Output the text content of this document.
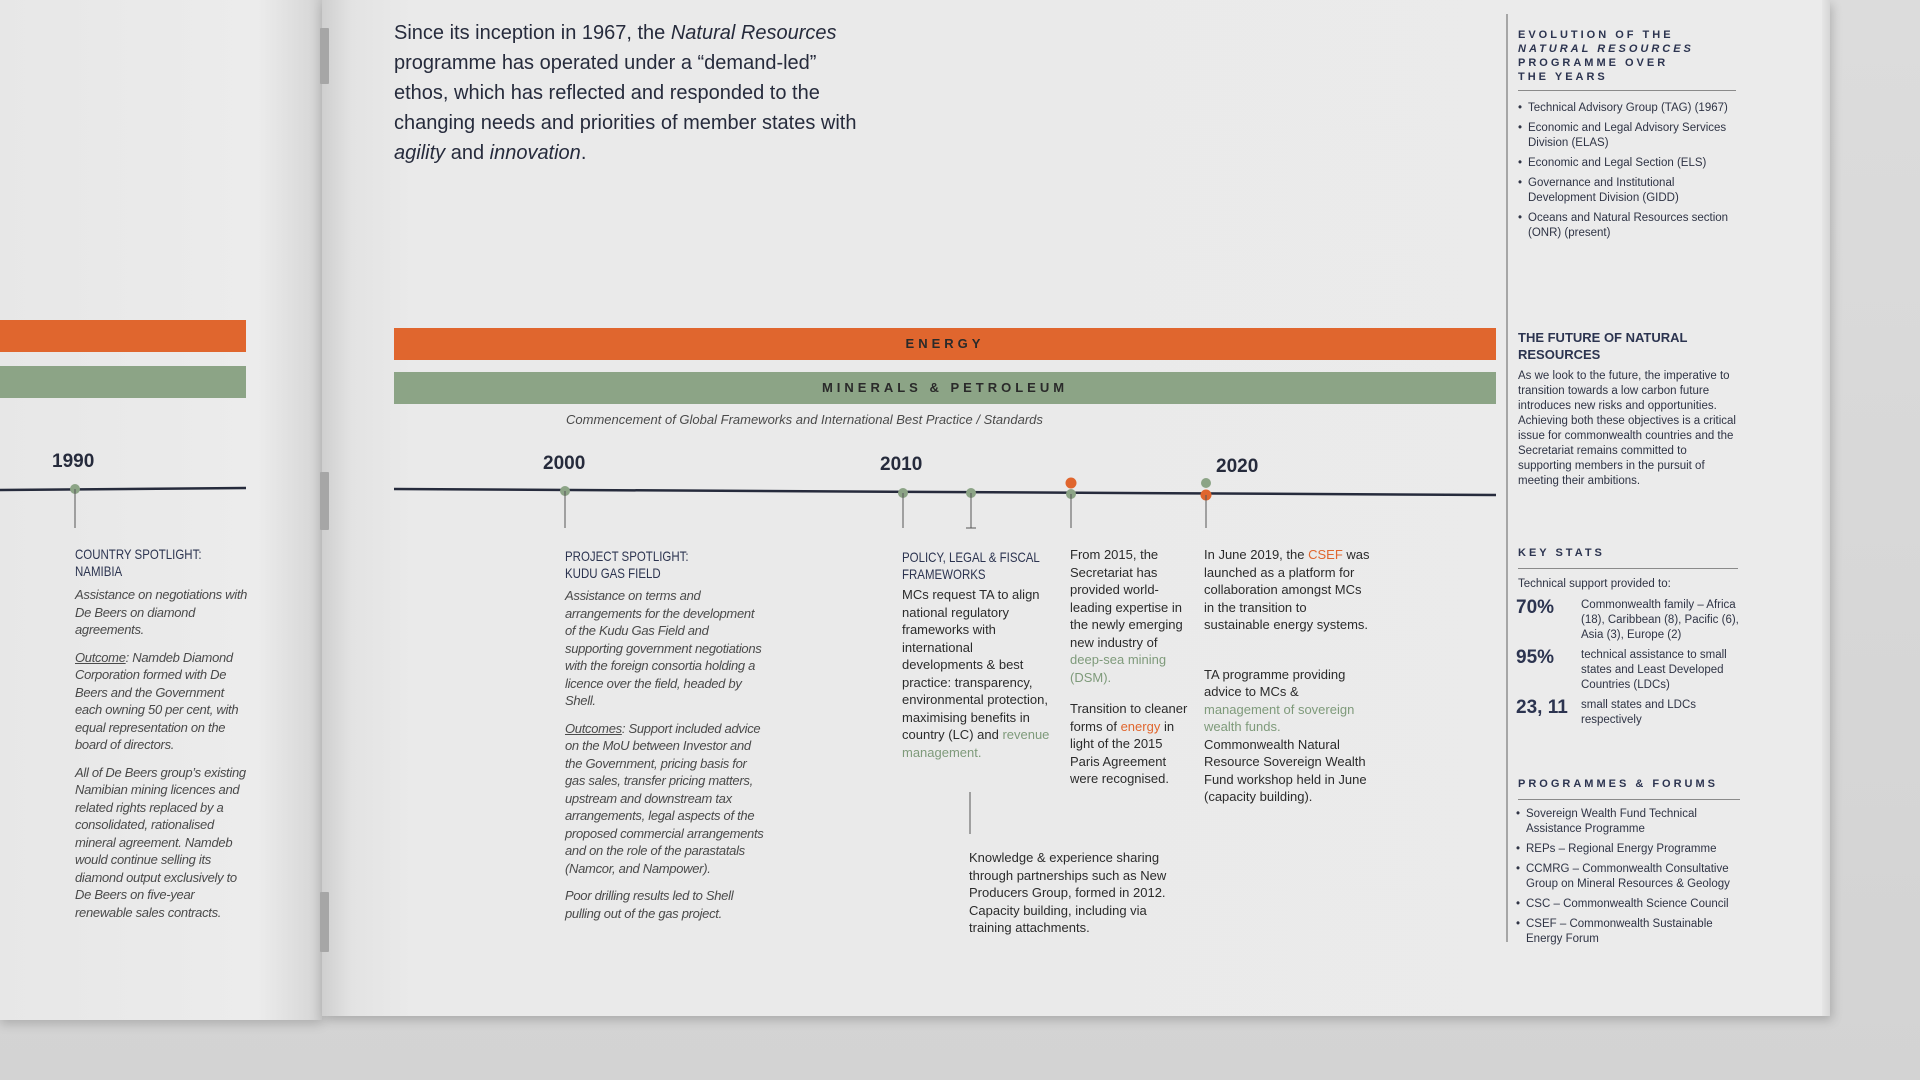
1990
COUNTRY SPOTLIGHT:
NAMIBIA

Assistance on negotiations with De Beers on diamond agreements.

Outcome: Namdeb Diamond Corporation formed with De Beers and the Government each owning 50 per cent, with equal representation on the board of directors.

All of De Beers group’s existing Namibian mining licences and related rights replaced by a consolidated, rationalised mineral agreement. Namdeb would continue selling its diamond output exclusively to De Beers on five-year renewable sales contracts.

Since its inception in 1967, the Natural Resources programme has operated under a “demand-led” ethos, which has reflected and responded to the changing needs and priorities of member states with agility and innovation.
ENERGY
MINERALS & PETROLEUM
Commencement of Global Frameworks and International Best Practice / Standards
2000	2010	2020
PROJECT SPOTLIGHT:
KUDU GAS FIELD

Assistance on terms and arrangements for the development of the Kudu Gas Field and supporting government negotiations with the foreign consortia holding a licence over the field, headed by Shell.

Outcomes: Support included advice on the MoU between Investor and the Government, pricing basis for gas sales, transfer pricing matters, upstream and downstream tax arrangements, legal aspects of the proposed commercial arrangements and on the role of the parastatals (Namcor, and Nampower).

Poor drilling results led to Shell pulling out of the gas project.

POLICY, LEGAL & FISCAL
FRAMEWORKS
MCs request TA to align national regulatory frameworks with international developments & best practice: transparency, environmental protection, maximising benefits in country (LC) and revenue management.
Knowledge & experience sharing through partnerships such as New Producers Group, formed in 2012. Capacity building, including via training attachments.

From 2015, the Secretariat has provided world-leading expertise in the newly emerging new industry of deep-sea mining (DSM).

Transition to cleaner forms of energy in light of the 2015 Paris Agreement were recognised.

In June 2019, the CSEF was launched as a platform for collaboration amongst MCs in the transition to sustainable energy systems.

TA programme providing advice to MCs & management of sovereign wealth funds. Commonwealth Natural Resource Sovereign Wealth Fund workshop held in June (capacity building).

EVOLUTION OF THE
NATURAL RESOURCES
PROGRAMME OVER
THE YEARS
• Technical Advisory Group (TAG) (1967)
• Economic and Legal Advisory Services Division (ELAS)
• Economic and Legal Section (ELS)
• Governance and Institutional Development Division (GIDD)
• Oceans and Natural Resources section (ONR) (present)
THE FUTURE OF NATURAL RESOURCES
As we look to the future, the imperative to transition towards a low carbon future introduces new risks and opportunities. Achieving both these objectives is a critical issue for commonwealth countries and the Secretariat remains committed to supporting members in the pursuit of meeting their ambitions.
KEY STATS
Technical support provided to:
70% Commonwealth family – Africa (18), Caribbean (8), Pacific (6), Asia (3), Europe (2)
95% technical assistance to small states and Least Developed Countries (LDCs)
23, 11 small states and LDCs respectively
PROGRAMMES & FORUMS
• Sovereign Wealth Fund Technical Assistance Programme
• REPs – Regional Energy Programme
• CCMRG – Commonwealth Consultative Group on Mineral Resources & Geology
• CSC – Commonwealth Science Council
• CSEF – Commonwealth Sustainable Energy Forum
